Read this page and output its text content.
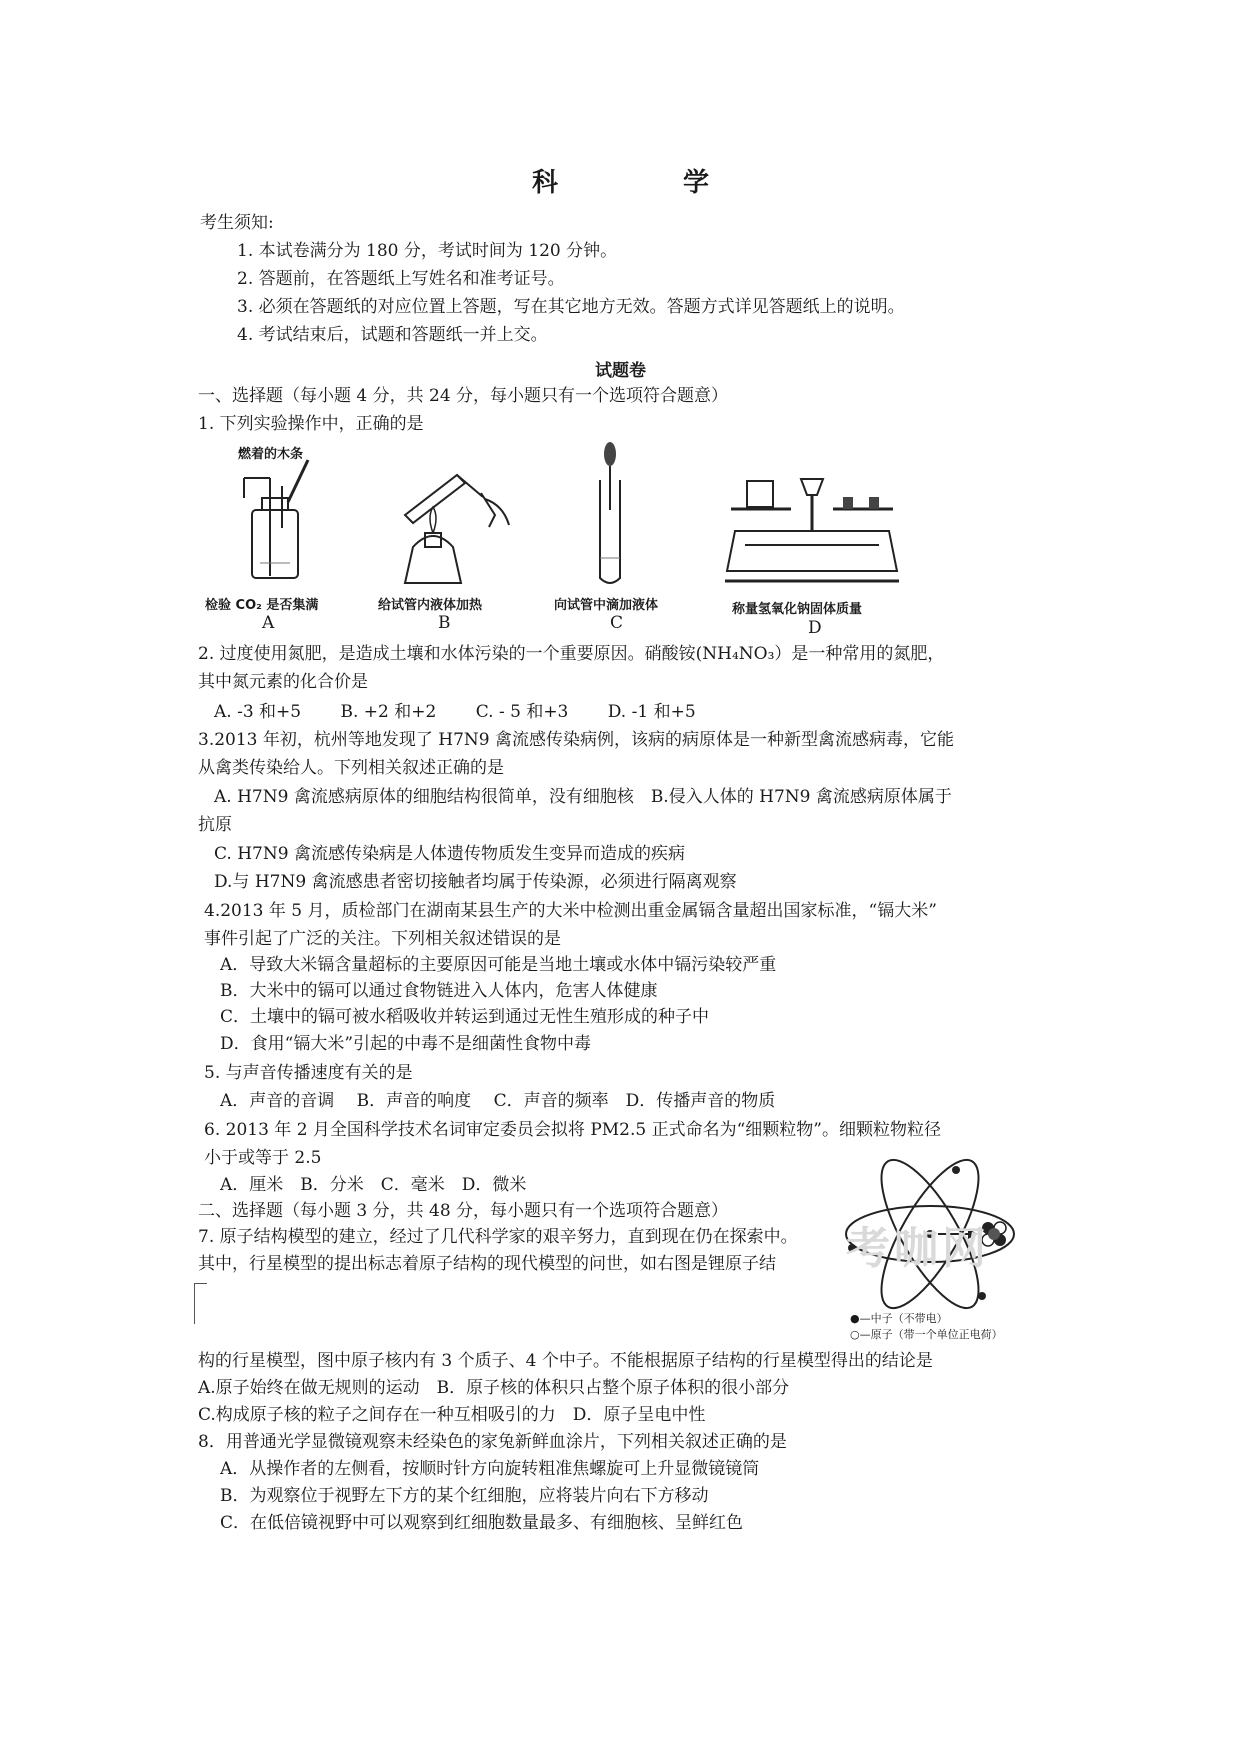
科 学
考生须知:
1. 本试卷满分为 180 分，考试时间为 120 分钟。
2. 答题前，在答题纸上写姓名和准考证号。
3. 必须在答题纸的对应位置上答题，写在其它地方无效。答题方式详见答题纸上的说明。
4. 考试结束后，试题和答题纸一并上交。
试题卷
一、选择题（每小题 4 分，共 24 分，每小题只有一个选项符合题意）
1. 下列实验操作中，正确的是
燃着的木条
检验 CO₂ 是否集满
A
给试管内液体加热
B
向试管中滴加液体
C
称量氢氧化钠固体质量
D
2. 过度使用氮肥，是造成土壤和水体污染的一个重要原因。硝酸铵(NH₄NO₃）是一种常用的氮肥，
其中氮元素的化合价是
A. -3 和+5　　 B. +2 和+2　　 C. - 5 和+3　　 D. -1 和+5
3.2013 年初，杭州等地发现了 H7N9 禽流感传染病例，该病的病原体是一种新型禽流感病毒，它能
从禽类传染给人。下列相关叙述正确的是
A. H7N9 禽流感病原体的细胞结构很简单，没有细胞核　B.侵入人体的 H7N9 禽流感病原体属于
抗原
C. H7N9 禽流感传染病是人体遗传物质发生变异而造成的疾病
D.与 H7N9 禽流感患者密切接触者均属于传染源，必须进行隔离观察
4.2013 年 5 月，质检部门在湖南某县生产的大米中检测出重金属镉含量超出国家标准，“镉大米”
事件引起了广泛的关注。下列相关叙述错误的是
A．导致大米镉含量超标的主要原因可能是当地土壤或水体中镉污染较严重
B．大米中的镉可以通过食物链进入人体内，危害人体健康
C．土壤中的镉可被水稻吸收并转运到通过无性生殖形成的种子中
D．食用“镉大米”引起的中毒不是细菌性食物中毒
5. 与声音传播速度有关的是
A．声音的音调　 B．声音的响度　 C．声音的频率　D．传播声音的物质
6. 2013 年 2 月全国科学技术名词审定委员会拟将 PM2.5 正式命名为“细颗粒物”。细颗粒物粒径
小于或等于 2.5
A．厘米　B．分米　C．毫米　D．微米
二、选择题（每小题 3 分，共 48 分，每小题只有一个选项符合题意）
7. 原子结构模型的建立，经过了几代科学家的艰辛努力，直到现在仍在探索中。
其中，行星模型的提出标志着原子结构的现代模型的问世，如右图是锂原子结 考咖网
●—中子（不带电）
○—原子（带一个单位正电荷）
构的行星模型，图中原子核内有 3 个质子、4 个中子。不能根据原子结构的行星模型得出的结论是
A.原子始终在做无规则的运动　B．原子核的体积只占整个原子体积的很小部分
C.构成原子核的粒子之间存在一种互相吸引的力　D．原子呈电中性
8．用普通光学显微镜观察未经染色的家兔新鲜血涂片，下列相关叙述正确的是
A．从操作者的左侧看，按顺时针方向旋转粗准焦螺旋可上升显微镜镜筒
B．为观察位于视野左下方的某个红细胞，应将装片向右下方移动
C．在低倍镜视野中可以观察到红细胞数量最多、有细胞核、呈鲜红色
